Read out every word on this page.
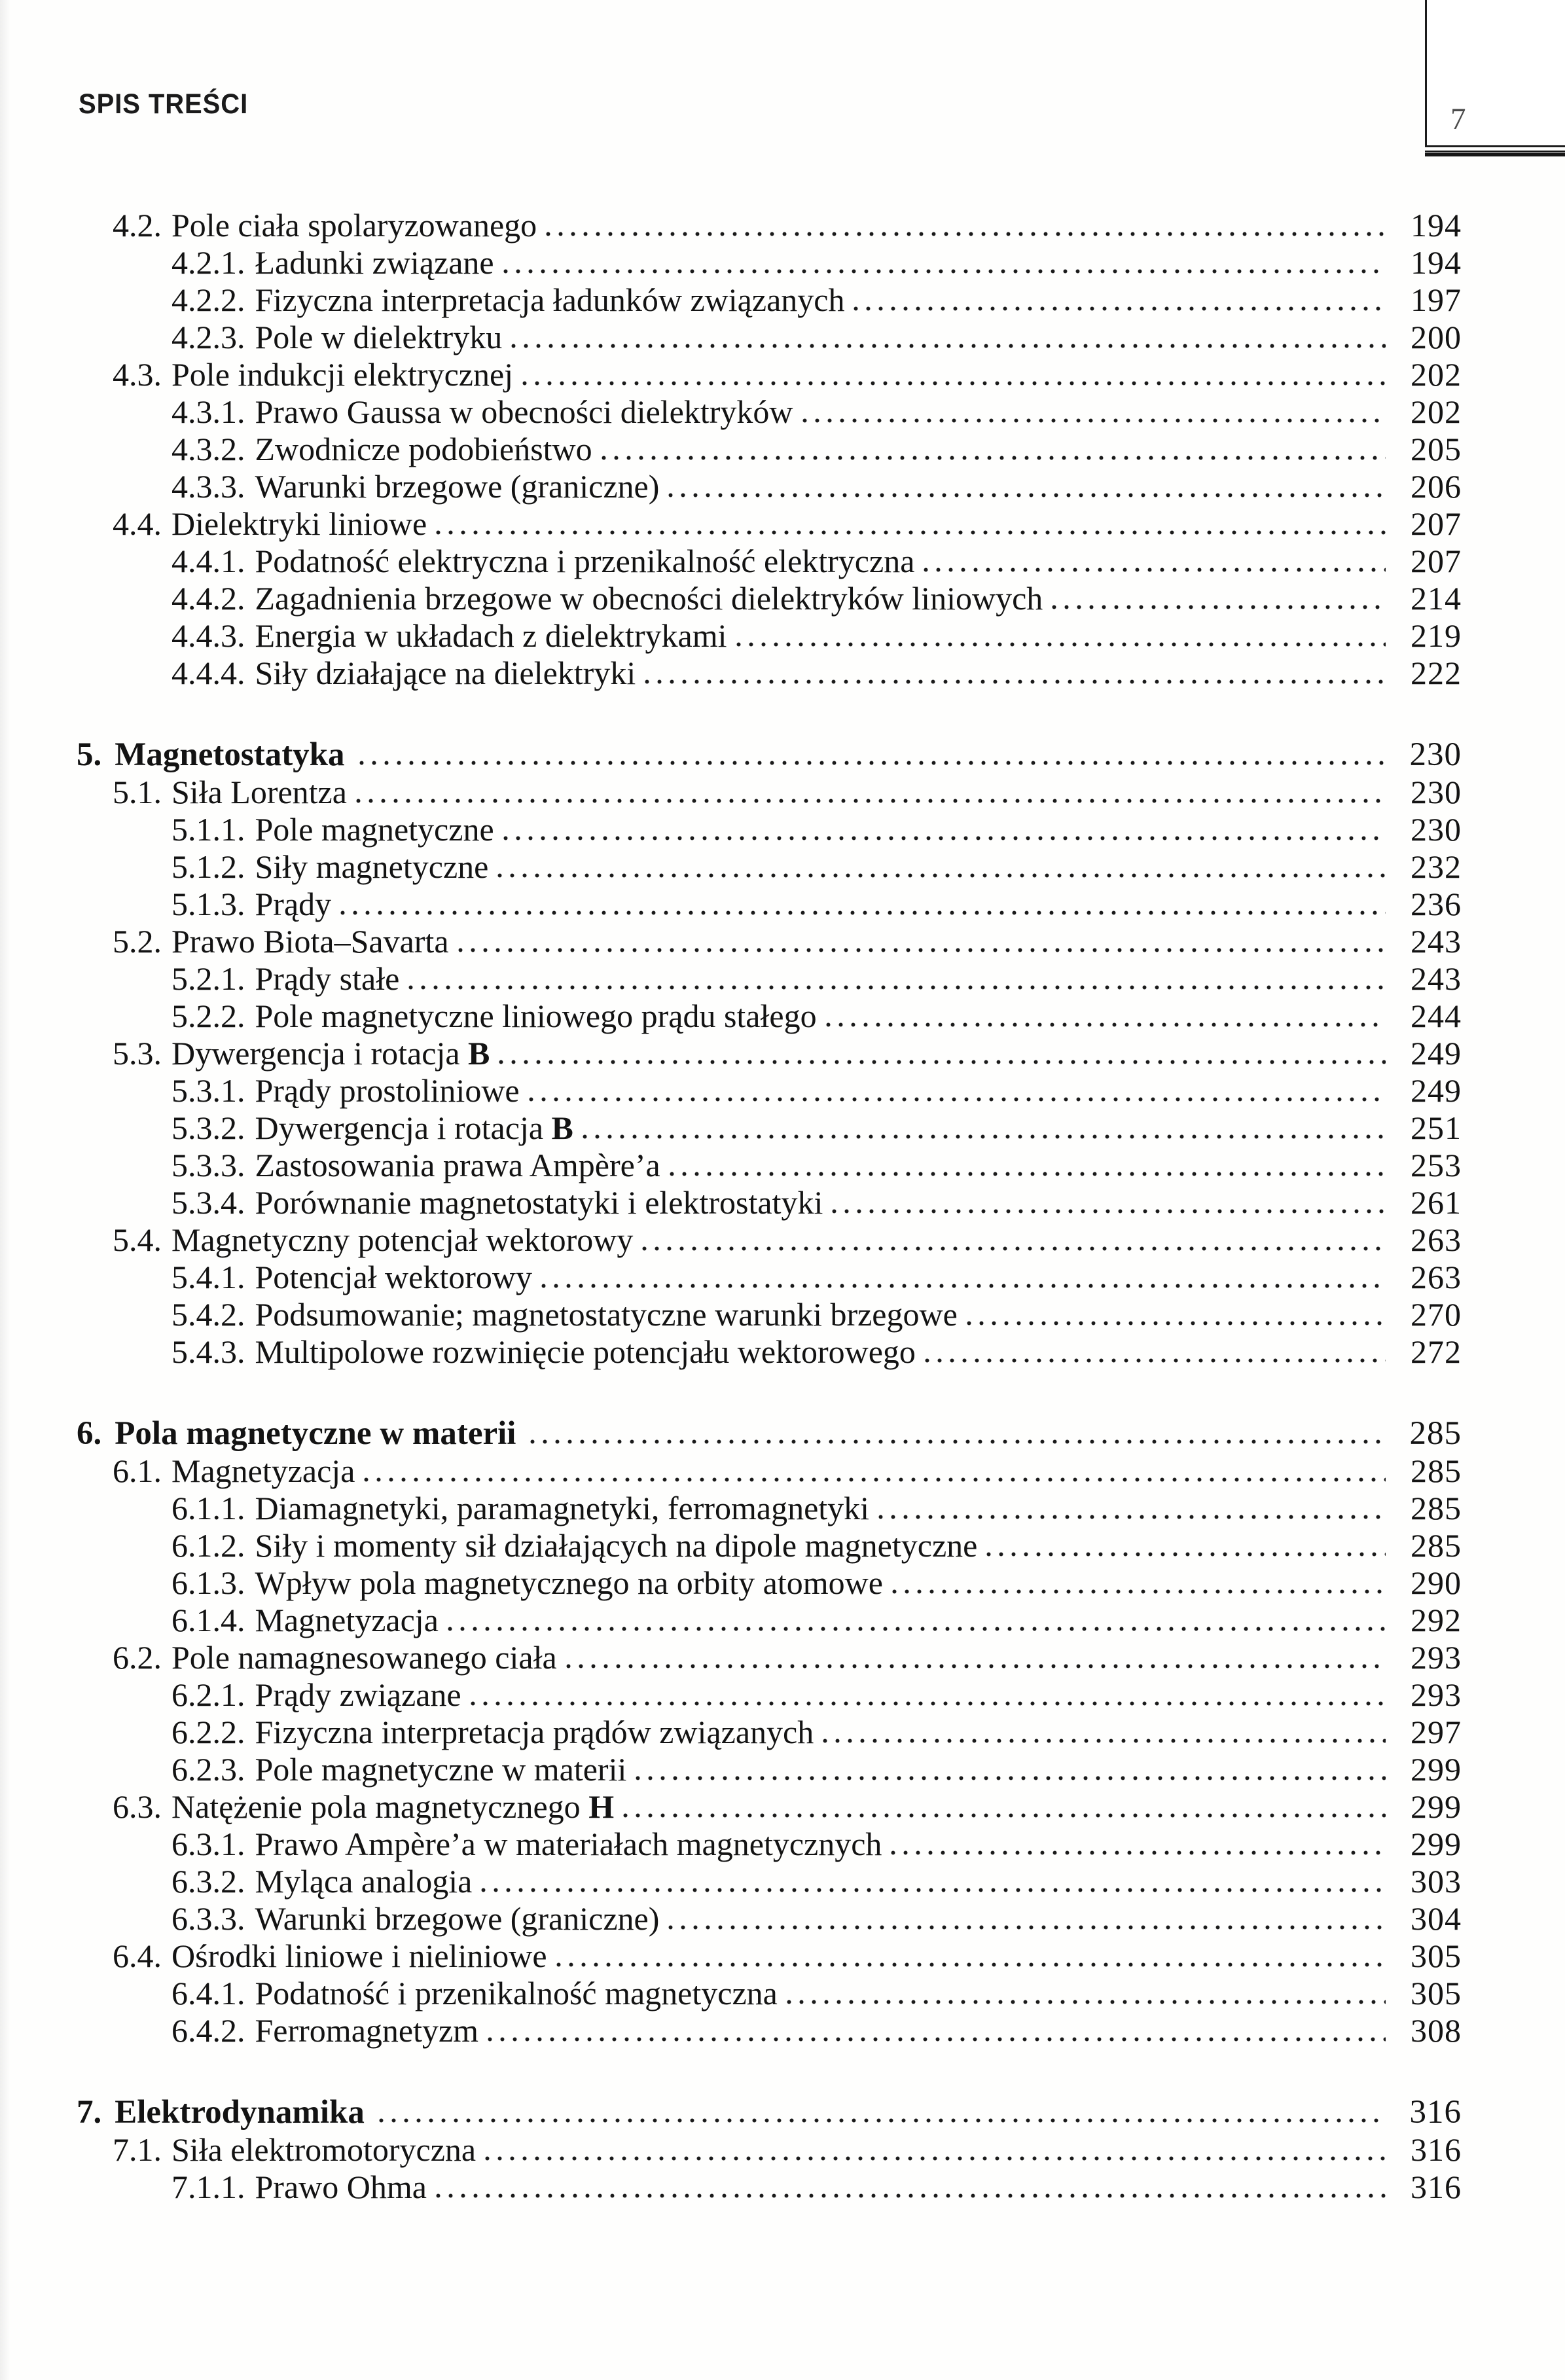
SPIS TREŚCI	7
4.2. Pole ciała spolaryzowanego	194
4.2.1. Ładunki związane	194
4.2.2. Fizyczna interpretacja ładunków związanych	197
4.2.3. Pole w dielektryku	200
4.3. Pole indukcji elektrycznej	202
4.3.1. Prawo Gaussa w obecności dielektryków	202
4.3.2. Zwodnicze podobieństwo	205
4.3.3. Warunki brzegowe (graniczne)	206
4.4. Dielektryki liniowe	207
4.4.1. Podatność elektryczna i przenikalność elektryczna	207
4.4.2. Zagadnienia brzegowe w obecności dielektryków liniowych	214
4.4.3. Energia w układach z dielektrykami	219
4.4.4. Siły działające na dielektryki	222
5. Magnetostatyka	230
5.1. Siła Lorentza	230
5.1.1. Pole magnetyczne	230
5.1.2. Siły magnetyczne	232
5.1.3. Prądy	236
5.2. Prawo Biota–Savarta	243
5.2.1. Prądy stałe	243
5.2.2. Pole magnetyczne liniowego prądu stałego	244
5.3. Dywergencja i rotacja B	249
5.3.1. Prądy prostoliniowe	249
5.3.2. Dywergencja i rotacja B	251
5.3.3. Zastosowania prawa Ampère’a	253
5.3.4. Porównanie magnetostatyki i elektrostatyki	261
5.4. Magnetyczny potencjał wektorowy	263
5.4.1. Potencjał wektorowy	263
5.4.2. Podsumowanie; magnetostatyczne warunki brzegowe	270
5.4.3. Multipolowe rozwinięcie potencjału wektorowego	272
6. Pola magnetyczne w materii	285
6.1. Magnetyzacja	285
6.1.1. Diamagnetyki, paramagnetyki, ferromagnetyki	285
6.1.2. Siły i momenty sił działających na dipole magnetyczne	285
6.1.3. Wpływ pola magnetycznego na orbity atomowe	290
6.1.4. Magnetyzacja	292
6.2. Pole namagnesowanego ciała	293
6.2.1. Prądy związane	293
6.2.2. Fizyczna interpretacja prądów związanych	297
6.2.3. Pole magnetyczne w materii	299
6.3. Natężenie pola magnetycznego H	299
6.3.1. Prawo Ampère’a w materiałach magnetycznych	299
6.3.2. Myląca analogia	303
6.3.3. Warunki brzegowe (graniczne)	304
6.4. Ośrodki liniowe i nieliniowe	305
6.4.1. Podatność i przenikalność magnetyczna	305
6.4.2. Ferromagnetyzm	308
7. Elektrodynamika	316
7.1. Siła elektromotoryczna	316
7.1.1. Prawo Ohma	316
